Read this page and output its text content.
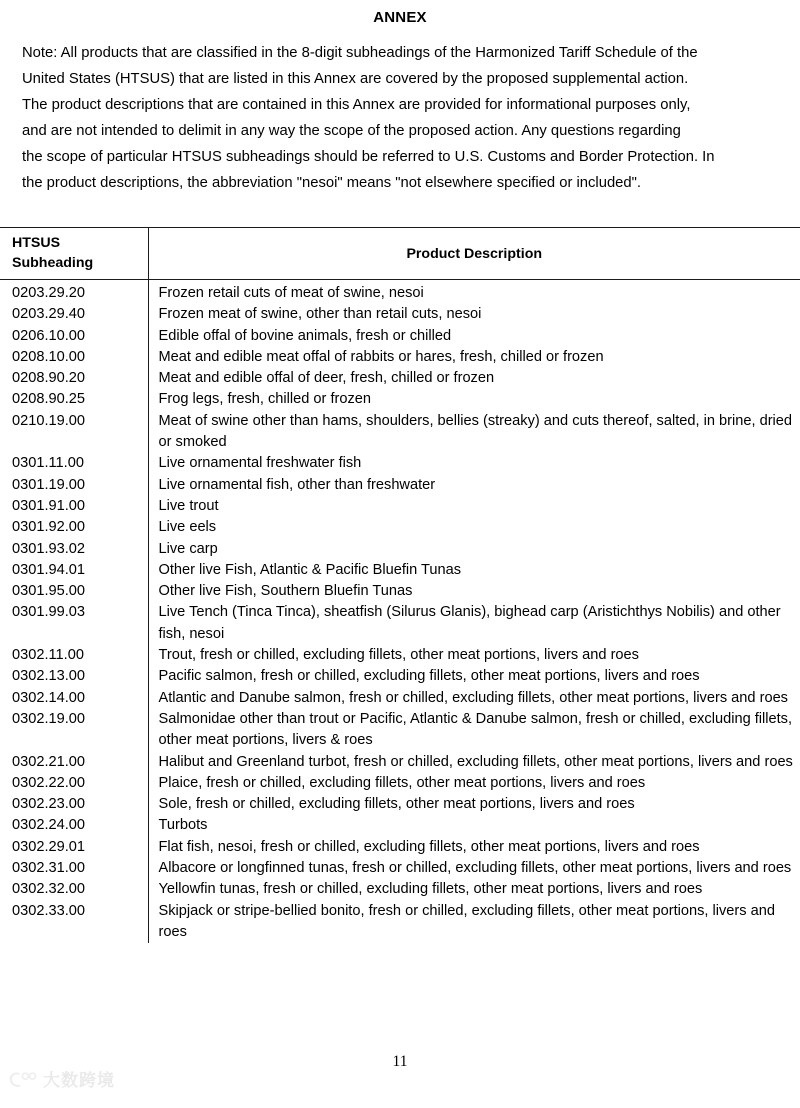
ANNEX
Note: All products that are classified in the 8-digit subheadings of the Harmonized Tariff Schedule of the
United States (HTSUS) that are listed in this Annex are covered by the proposed supplemental action.
The product descriptions that are contained in this Annex are provided for informational purposes only,
and are not intended to delimit in any way the scope of the proposed action. Any questions regarding
the scope of particular HTSUS subheadings should be referred to U.S. Customs and Border Protection. In
the product descriptions, the abbreviation "nesoi" means "not elsewhere specified or included".
HTSUS
Subheading	Product Description

0203.29.20	Frozen retail cuts of meat of swine, nesoi

0203.29.40	Frozen meat of swine, other than retail cuts, nesoi

0206.10.00	Edible offal of bovine animals, fresh or chilled

0208.10.00	Meat and edible meat offal of rabbits or hares, fresh, chilled or frozen

0208.90.20	Meat and edible offal of deer, fresh, chilled or frozen

0208.90.25	Frog legs, fresh, chilled or frozen

0210.19.00	Meat of swine other than hams, shoulders, bellies (streaky) and cuts thereof, salted, in brine, dried or smoked

0301.11.00	Live ornamental freshwater fish

0301.19.00	Live ornamental fish, other than freshwater

0301.91.00	Live trout

0301.92.00	Live eels

0301.93.02	Live carp

0301.94.01	Other live Fish, Atlantic & Pacific Bluefin Tunas

0301.95.00	Other live Fish, Southern Bluefin Tunas

0301.99.03	Live Tench (Tinca Tinca), sheatfish (Silurus Glanis), bighead carp (Aristichthys Nobilis) and other fish, nesoi

0302.11.00	Trout, fresh or chilled, excluding fillets, other meat portions, livers and roes

0302.13.00	Pacific salmon, fresh or chilled, excluding fillets, other meat portions, livers and roes

0302.14.00	Atlantic and Danube salmon, fresh or chilled, excluding fillets, other meat portions, livers and roes

0302.19.00	Salmonidae other than trout or Pacific, Atlantic & Danube salmon, fresh or chilled, excluding fillets, other meat portions, livers & roes

0302.21.00	Halibut and Greenland turbot, fresh or chilled, excluding fillets, other meat portions, livers and roes

0302.22.00	Plaice, fresh or chilled, excluding fillets, other meat portions, livers and roes

0302.23.00	Sole, fresh or chilled, excluding fillets, other meat portions, livers and roes

0302.24.00	Turbots

0302.29.01	Flat fish, nesoi, fresh or chilled, excluding fillets, other meat portions, livers and roes

0302.31.00	Albacore or longfinned tunas, fresh or chilled, excluding fillets, other meat portions, livers and roes

0302.32.00	Yellowfin tunas, fresh or chilled, excluding fillets, other meat portions, livers and roes

0302.33.00	Skipjack or stripe-bellied bonito, fresh or chilled, excluding fillets, other meat portions, livers and roes
11
大数跨境
